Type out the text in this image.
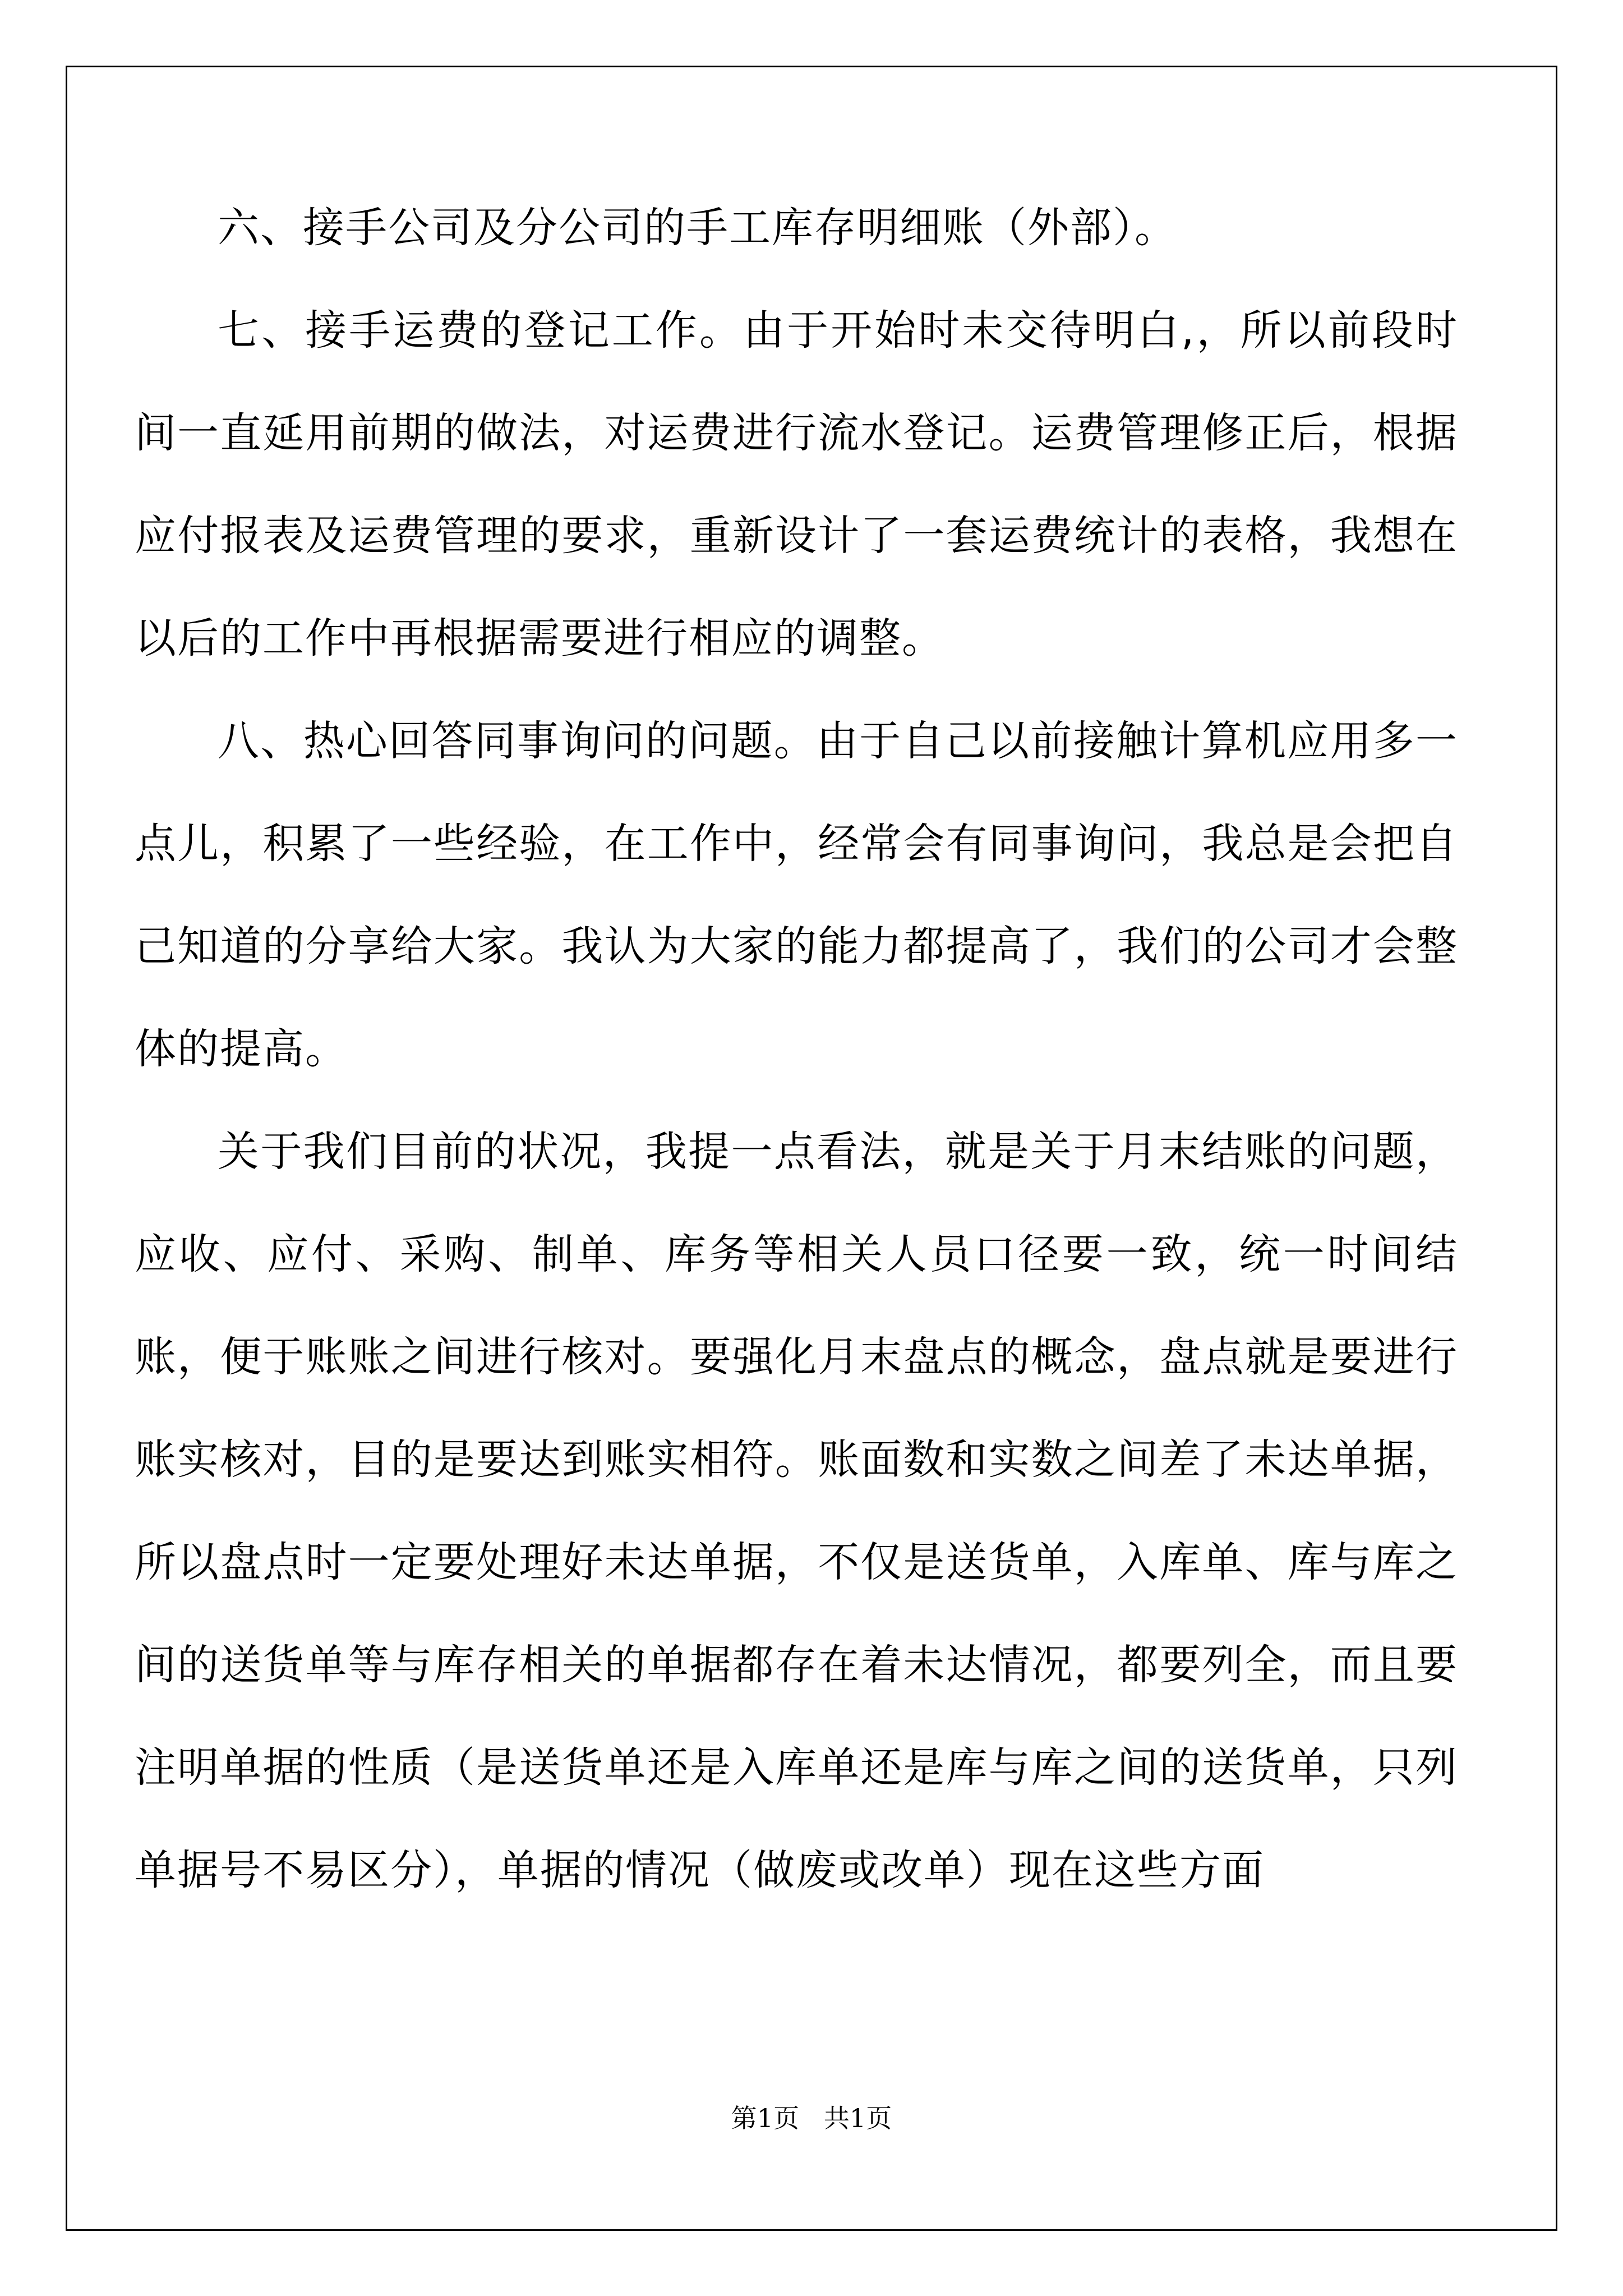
六、接手公司及分公司的手工库存明细账（外部）。

七、接手运费的登记工作。由于开始时未交待明白,，所以前段时间一直延用前期的做法，对运费进行流水登记。运费管理修正后，根据应付报表及运费管理的要求，重新设计了一套运费统计的表格，我想在以后的工作中再根据需要进行相应的调整。

八、热心回答同事询问的问题。由于自己以前接触计算机应用多一点儿，积累了一些经验，在工作中，经常会有同事询问，我总是会把自己知道的分享给大家。我认为大家的能力都提高了，我们的公司才会整体的提高。

关于我们目前的状况，我提一点看法，就是关于月末结账的问题，应收、应付、采购、制单、库务等相关人员口径要一致，统一时间结账，便于账账之间进行核对。要强化月末盘点的概念，盘点就是要进行账实核对，目的是要达到账实相符。账面数和实数之间差了未达单据，所以盘点时一定要处理好未达单据，不仅是送货单，入库单、库与库之间的送货单等与库存相关的单据都存在着未达情况，都要列全，而且要注明单据的性质（是送货单还是入库单还是库与库之间的送货单，只列单据号不易区分），单据的情况（做废或改单）现在这些方面

第1页   共1页
